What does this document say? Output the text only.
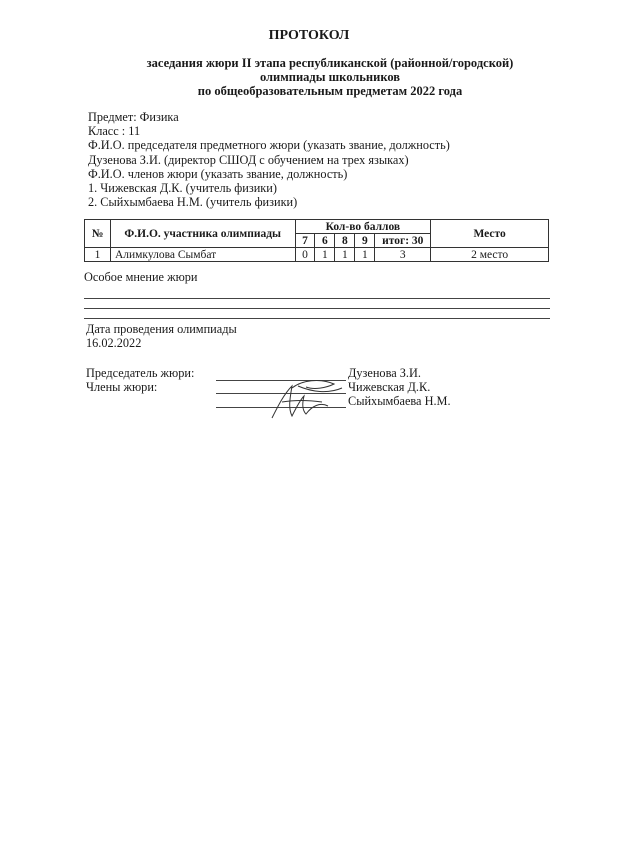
ПРОТОКОЛ
заседания жюри II этапа республиканской (районной/городской)
олимпиады школьников
по общеобразовательным предметам 2022 года
Предмет: Физика
Класс : 11
Ф.И.О. председателя предметного жюри (указать звание, должность)
Дузенова З.И. (директор СШОД с обучением на трех языках)
Ф.И.О. членов жюри (указать звание, должность)
1. Чижевская Д.К. (учитель физики)
2. Сыйхымбаева Н.М. (учитель физики)
№	Ф.И.О. участника олимпиады	Кол-во баллов					Место
		7	6	8	9	итог: 30	
1	Алимкулова Сымбат	0	1	1	1	3	2 место
Особое мнение жюри
Дата проведения олимпиады
16.02.2022
Председатель жюри:
Члены жюри:
Дузенова З.И.
Чижевская Д.К.
Сыйхымбаева Н.М.
